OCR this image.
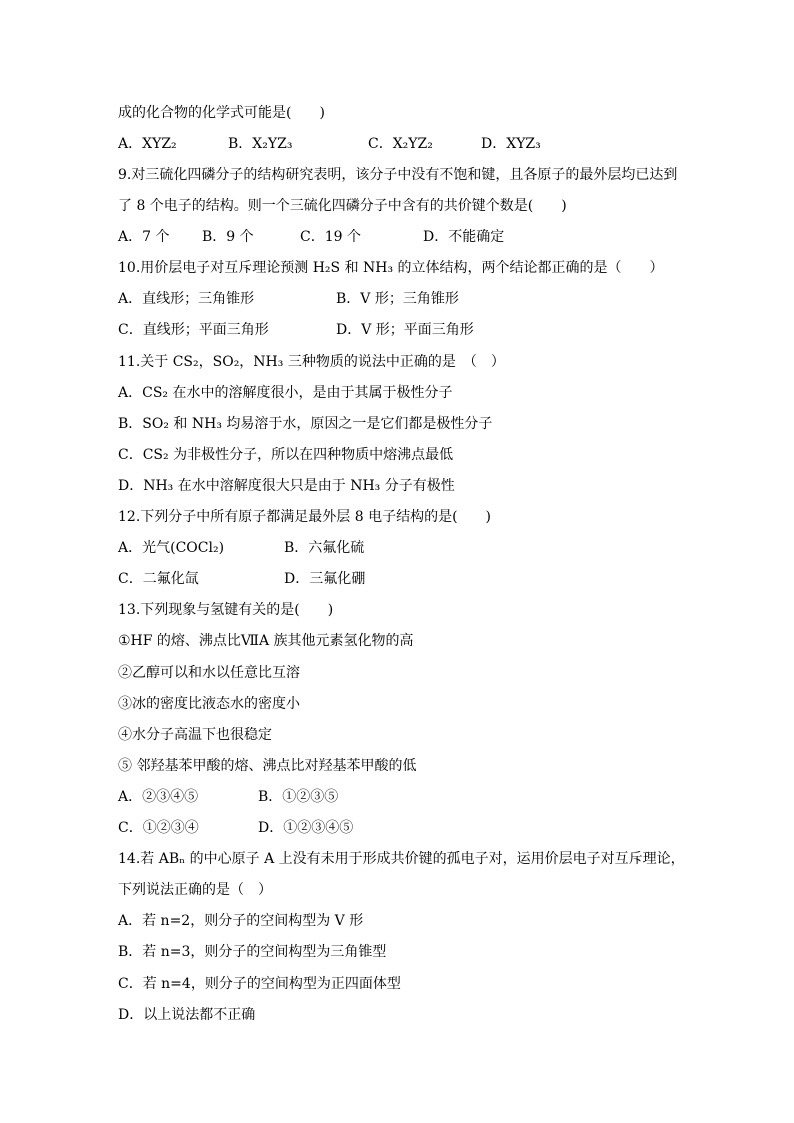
成的化合物的化学式可能是(　　)
A．XYZ₂	B．X₂YZ₃	C．X₂YZ₂	D．XYZ₃
9.对三硫化四磷分子的结构研究表明，该分子中没有不饱和键，且各原子的最外层均已达到
了 8 个电子的结构。则一个三硫化四磷分子中含有的共价键个数是(　　)
A．7 个 B．9 个	C．19 个	D．不能确定
10.用价层电子对互斥理论预测 H₂S 和 NH₃ 的立体结构，两个结论都正确的是（　　）
A．直线形；三角锥形	B．V 形；三角锥形
C．直线形；平面三角形	D．V 形；平面三角形
11.关于 CS₂，SO₂，NH₃ 三种物质的说法中正确的是　（　）
A．CS₂ 在水中的溶解度很小，是由于其属于极性分子
B．SO₂ 和 NH₃ 均易溶于水，原因之一是它们都是极性分子
C．CS₂ 为非极性分子，所以在四种物质中熔沸点最低
D．NH₃ 在水中溶解度很大只是由于 NH₃ 分子有极性
12.下列分子中所有原子都满足最外层 8 电子结构的是(　　)
A．光气(COCl₂)	B．六氟化硫
C．二氟化氙	D．三氟化硼
13.下列现象与氢键有关的是(　　)
①HF 的熔、沸点比ⅦA 族其他元素氢化物的高
②乙醇可以和水以任意比互溶
③冰的密度比液态水的密度小
④水分子高温下也很稳定
⑤ 邻羟基苯甲酸的熔、沸点比对羟基苯甲酸的低
A．②③④⑤	B．①②③⑤
C．①②③④	D．①②③④⑤
14.若 ABₙ 的中心原子 A 上没有未用于形成共价键的孤电子对，运用价层电子对互斥理论，
下列说法正确的是（　）
A．若 n=2，则分子的空间构型为 V 形
B．若 n=3，则分子的空间构型为三角锥型
C．若 n=4，则分子的空间构型为正四面体型
D．以上说法都不正确
